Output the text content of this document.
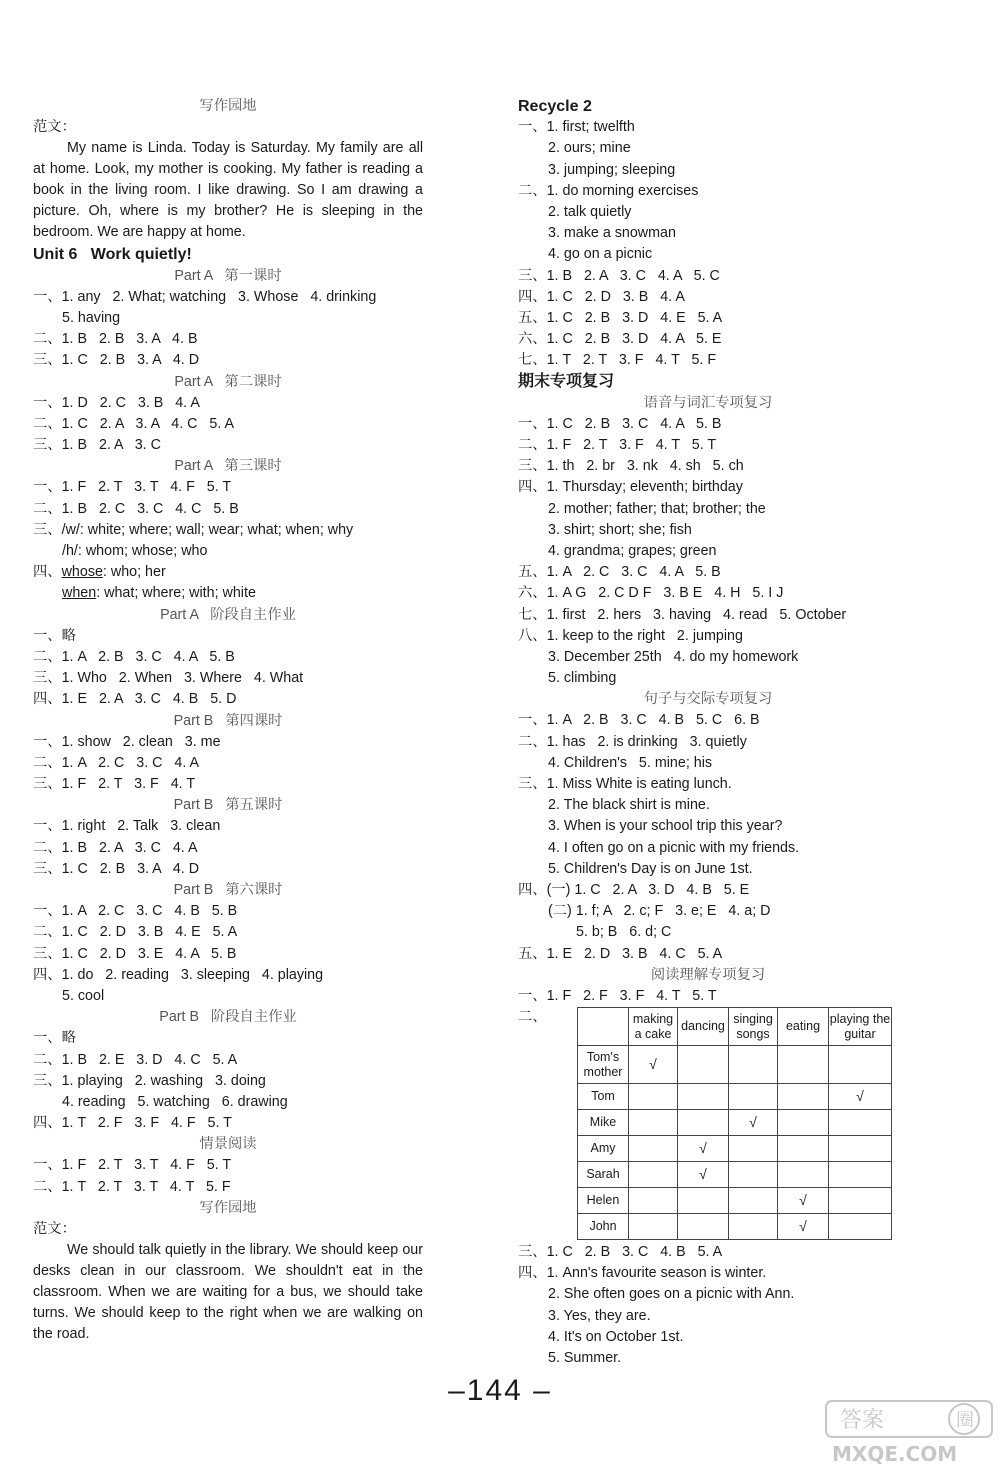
写作园地
范文：
My name is Linda. Today is Saturday. My family are all at home. Look, my mother is cooking. My father is reading a book in the living room. I like drawing. So I am drawing a picture. Oh, where is my brother? He is sleeping in the bedroom. We are happy at home.
Unit 6   Work quietly!
Part A   第一课时
一、1. any   2. What; watching   3. Whose   4. drinking
5. having
二、1. B   2. B   3. A   4. B
三、1. C   2. B   3. A   4. D
Part A   第二课时
一、1. D   2. C   3. B   4. A
二、1. C   2. A   3. A   4. C   5. A
三、1. B   2. A   3. C
Part A   第三课时
一、1. F   2. T   3. T   4. F   5. T
二、1. B   2. C   3. C   4. C   5. B
三、/w/: white; where; wall; wear; what; when; why
/h/: whom; whose; who
四、whose: who; her
when: what; where; with; white
Part A   阶段自主作业
一、略
二、1. A   2. B   3. C   4. A   5. B
三、1. Who   2. When   3. Where   4. What
四、1. E   2. A   3. C   4. B   5. D
Part B   第四课时
一、1. show   2. clean   3. me
二、1. A   2. C   3. C   4. A
三、1. F   2. T   3. F   4. T
Part B   第五课时
一、1. right   2. Talk   3. clean
二、1. B   2. A   3. C   4. A
三、1. C   2. B   3. A   4. D
Part B   第六课时
一、1. A   2. C   3. C   4. B   5. B
二、1. C   2. D   3. B   4. E   5. A
三、1. C   2. D   3. E   4. A   5. B
四、1. do   2. reading   3. sleeping   4. playing
5. cool
Part B   阶段自主作业
一、略
二、1. B   2. E   3. D   4. C   5. A
三、1. playing   2. washing   3. doing
4. reading   5. watching   6. drawing
四、1. T   2. F   3. F   4. F   5. T
情景阅读
一、1. F   2. T   3. T   4. F   5. T
二、1. T   2. T   3. T   4. T   5. F
写作园地
范文：
We should talk quietly in the library. We should keep our desks clean in our classroom. We shouldn't eat in the classroom. When we are waiting for a bus, we should take turns. We should keep to the right when we are walking on the road.
Recycle 2
一、1. first; twelfth
2. ours; mine
3. jumping; sleeping
二、1. do morning exercises
2. talk quietly
3. make a snowman
4. go on a picnic
三、1. B   2. A   3. C   4. A   5. C
四、1. C   2. D   3. B   4. A
五、1. C   2. B   3. D   4. E   5. A
六、1. C   2. B   3. D   4. A   5. E
七、1. T   2. T   3. F   4. T   5. F
期末专项复习
语音与词汇专项复习
一、1. C   2. B   3. C   4. A   5. B
二、1. F   2. T   3. F   4. T   5. T
三、1. th   2. br   3. nk   4. sh   5. ch
四、1. Thursday; eleventh; birthday
2. mother; father; that; brother; the
3. shirt; short; she; fish
4. grandma; grapes; green
五、1. A   2. C   3. C   4. A   5. B
六、1. A G   2. C D F   3. B E   4. H   5. I J
七、1. first   2. hers   3. having   4. read   5. October
八、1. keep to the right   2. jumping
3. December 25th   4. do my homework
5. climbing
句子与交际专项复习
一、1. A   2. B   3. C   4. B   5. C   6. B
二、1. has   2. is drinking   3. quietly
4. Children's   5. mine; his
三、1. Miss White is eating lunch.
2. The black shirt is mine.
3. When is your school trip this year?
4. I often go on a picnic with my friends.
5. Children's Day is on June 1st.
四、(一) 1. C   2. A   3. D   4. B   5. E
(二) 1. f; A   2. c; F   3. e; E   4. a; D
5. b; B   6. d; C
五、1. E   2. D   3. B   4. C   5. A
阅读理解专项复习
一、1. F   2. F   3. F   4. T   5. T
二、
三、1. C   2. B   3. C   4. B   5. A
四、1. Ann's favourite season is winter.
2. She often goes on a picnic with Ann.
3. Yes, they are.
4. It's on October 1st.
5. Summer.
	making a cake	dancing	singing songs	eating	playing the guitar
Tom's mother	√				
Tom					√
Mike			√		
Amy		√			
Sarah		√			
Helen				√	
John				√	
–144 –
答案	圈
MXQE.COM
